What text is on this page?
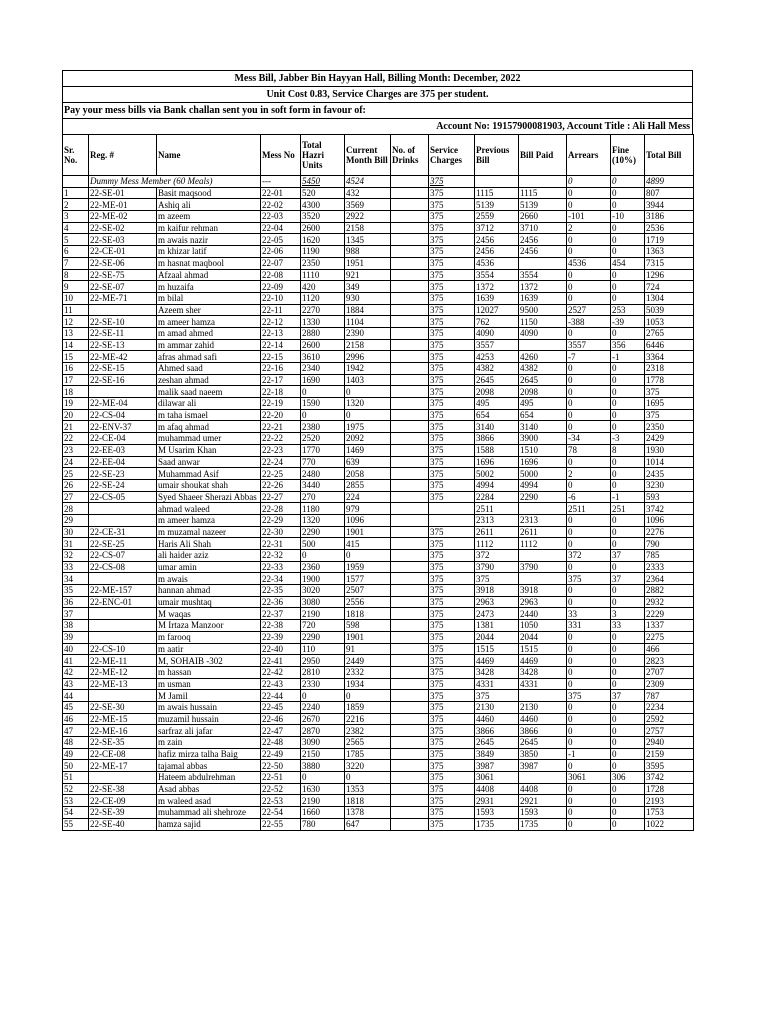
Mess Bill, Jabber Bin Hayyan Hall, Billing Month: December, 2022
Unit Cost 0.83, Service Charges are 375 per student.
Pay your mess bills via Bank challan sent you in soft form in favour of:
Account No: 19157900081903, Account Title : Ali Hall Mess
Sr. No.	Reg. #	Name	Mess No	Total Hazri Units	Current Month Bill	No. of Drinks	Service Charges	Previous Bill	Bill Paid	Arrears	Fine (10%)	Total Bill
	Dummy Mess Member (60 Meals)		---	5450	4524		375			0	0	4899
1	22-SE-01	Basit maqsood	22-01	520	432		375	1115	1115	0	0	807
2	22-ME-01	Ashiq ali	22-02	4300	3569		375	5139	5139	0	0	3944
3	22-ME-02	m azeem	22-03	3520	2922		375	2559	2660	-101	-10	3186
4	22-SE-02	m kaifur rehman	22-04	2600	2158		375	3712	3710	2	0	2536
5	22-SE-03	m awais nazir	22-05	1620	1345		375	2456	2456	0	0	1719
6	22-CE-01	m khizar latif	22-06	1190	988		375	2456	2456	0	0	1363
7	22-SE-06	m hasnat maqbool	22-07	2350	1951		375	4536		4536	454	7315
8	22-SE-75	Afzaal ahmad	22-08	1110	921		375	3554	3554	0	0	1296
9	22-SE-07	m huzaifa	22-09	420	349		375	1372	1372	0	0	724
10	22-ME-71	m bilal	22-10	1120	930		375	1639	1639	0	0	1304
11		Azeem sher	22-11	2270	1884		375	12027	9500	2527	253	5039
12	22-SE-10	m ameer hamza	22-12	1330	1104		375	762	1150	-388	-39	1053
13	22-SE-11	m amad ahmed	22-13	2880	2390		375	4090	4090	0	0	2765
14	22-SE-13	m ammar zahid	22-14	2600	2158		375	3557		3557	356	6446
15	22-ME-42	afras ahmad safi	22-15	3610	2996		375	4253	4260	-7	-1	3364
16	22-SE-15	Ahmed saad	22-16	2340	1942		375	4382	4382	0	0	2318
17	22-SE-16	zeshan ahmad	22-17	1690	1403		375	2645	2645	0	0	1778
18		malik saad naeem	22-18	0	0		375	2098	2098	0	0	375
19	22-ME-04	dilawar ali	22-19	1590	1320		375	495	495	0	0	1695
20	22-CS-04	m taha ismael	22-20	0	0		375	654	654	0	0	375
21	22-ENV-37	m afaq ahmad	22-21	2380	1975		375	3140	3140	0	0	2350
22	22-CE-04	muhammad umer	22-22	2520	2092		375	3866	3900	-34	-3	2429
23	22-EE-03	M Usarim Khan	22-23	1770	1469		375	1588	1510	78	8	1930
24	22-EE-04	Saad anwar	22-24	770	639		375	1696	1696	0	0	1014
25	22-SE-23	Muhammad Asif	22-25	2480	2058		375	5002	5000	2	0	2435
26	22-SE-24	umair shoukat shah	22-26	3440	2855		375	4994	4994	0	0	3230
27	22-CS-05	Syed Shaeer Sherazi Abbas	22-27	270	224		375	2284	2290	-6	-1	593
28		ahmad waleed	22-28	1180	979			2511		2511	251	3742
29		m ameer hamza	22-29	1320	1096			2313	2313	0	0	1096
30	22-CE-31	m muzamal nazeer	22-30	2290	1901		375	2611	2611	0	0	2276
31	22-SE-25	Haris Ali Shah	22-31	500	415		375	1112	1112	0	0	790
32	22-CS-07	ali haider aziz	22-32	0	0		375	372		372	37	785
33	22-CS-08	umar amin	22-33	2360	1959		375	3790	3790	0	0	2333
34		m awais	22-34	1900	1577		375	375		375	37	2364
35	22-ME-157	hannan ahmad	22-35	3020	2507		375	3918	3918	0	0	2882
36	22-ENC-01	umair mushtaq	22-36	3080	2556		375	2963	2963	0	0	2932
37		M waqas	22-37	2190	1818		375	2473	2440	33	3	2229
38		M Irtaza Manzoor	22-38	720	598		375	1381	1050	331	33	1337
39		m farooq	22-39	2290	1901		375	2044	2044	0	0	2275
40	22-CS-10	m aatir	22-40	110	91		375	1515	1515	0	0	466
41	22-ME-11	M, SOHAIB -302	22-41	2950	2449		375	4469	4469	0	0	2823
42	22-ME-12	m hassan	22-42	2810	2332		375	3428	3428	0	0	2707
43	22-ME-13	m usman	22-43	2330	1934		375	4331	4331	0	0	2309
44		M Jamil	22-44	0	0		375	375		375	37	787
45	22-SE-30	m awais hussain	22-45	2240	1859		375	2130	2130	0	0	2234
46	22-ME-15	muzamil hussain	22-46	2670	2216		375	4460	4460	0	0	2592
47	22-ME-16	sarfraz ali jafar	22-47	2870	2382		375	3866	3866	0	0	2757
48	22-SE-35	m zain	22-48	3090	2565		375	2645	2645	0	0	2940
49	22-CE-08	hafiz mirza talha Baig	22-49	2150	1785		375	3849	3850	-1	0	2159
50	22-ME-17	tajamal abbas	22-50	3880	3220		375	3987	3987	0	0	3595
51		Hateem abdulrehman	22-51	0	0		375	3061		3061	306	3742
52	22-SE-38	Asad abbas	22-52	1630	1353		375	4408	4408	0	0	1728
53	22-CE-09	m waleed asad	22-53	2190	1818		375	2931	2921	0	0	2193
54	22-SE-39	muhammad ali shehroze	22-54	1660	1378		375	1593	1593	0	0	1753
55	22-SE-40	hamza sajid	22-55	780	647		375	1735	1735	0	0	1022
